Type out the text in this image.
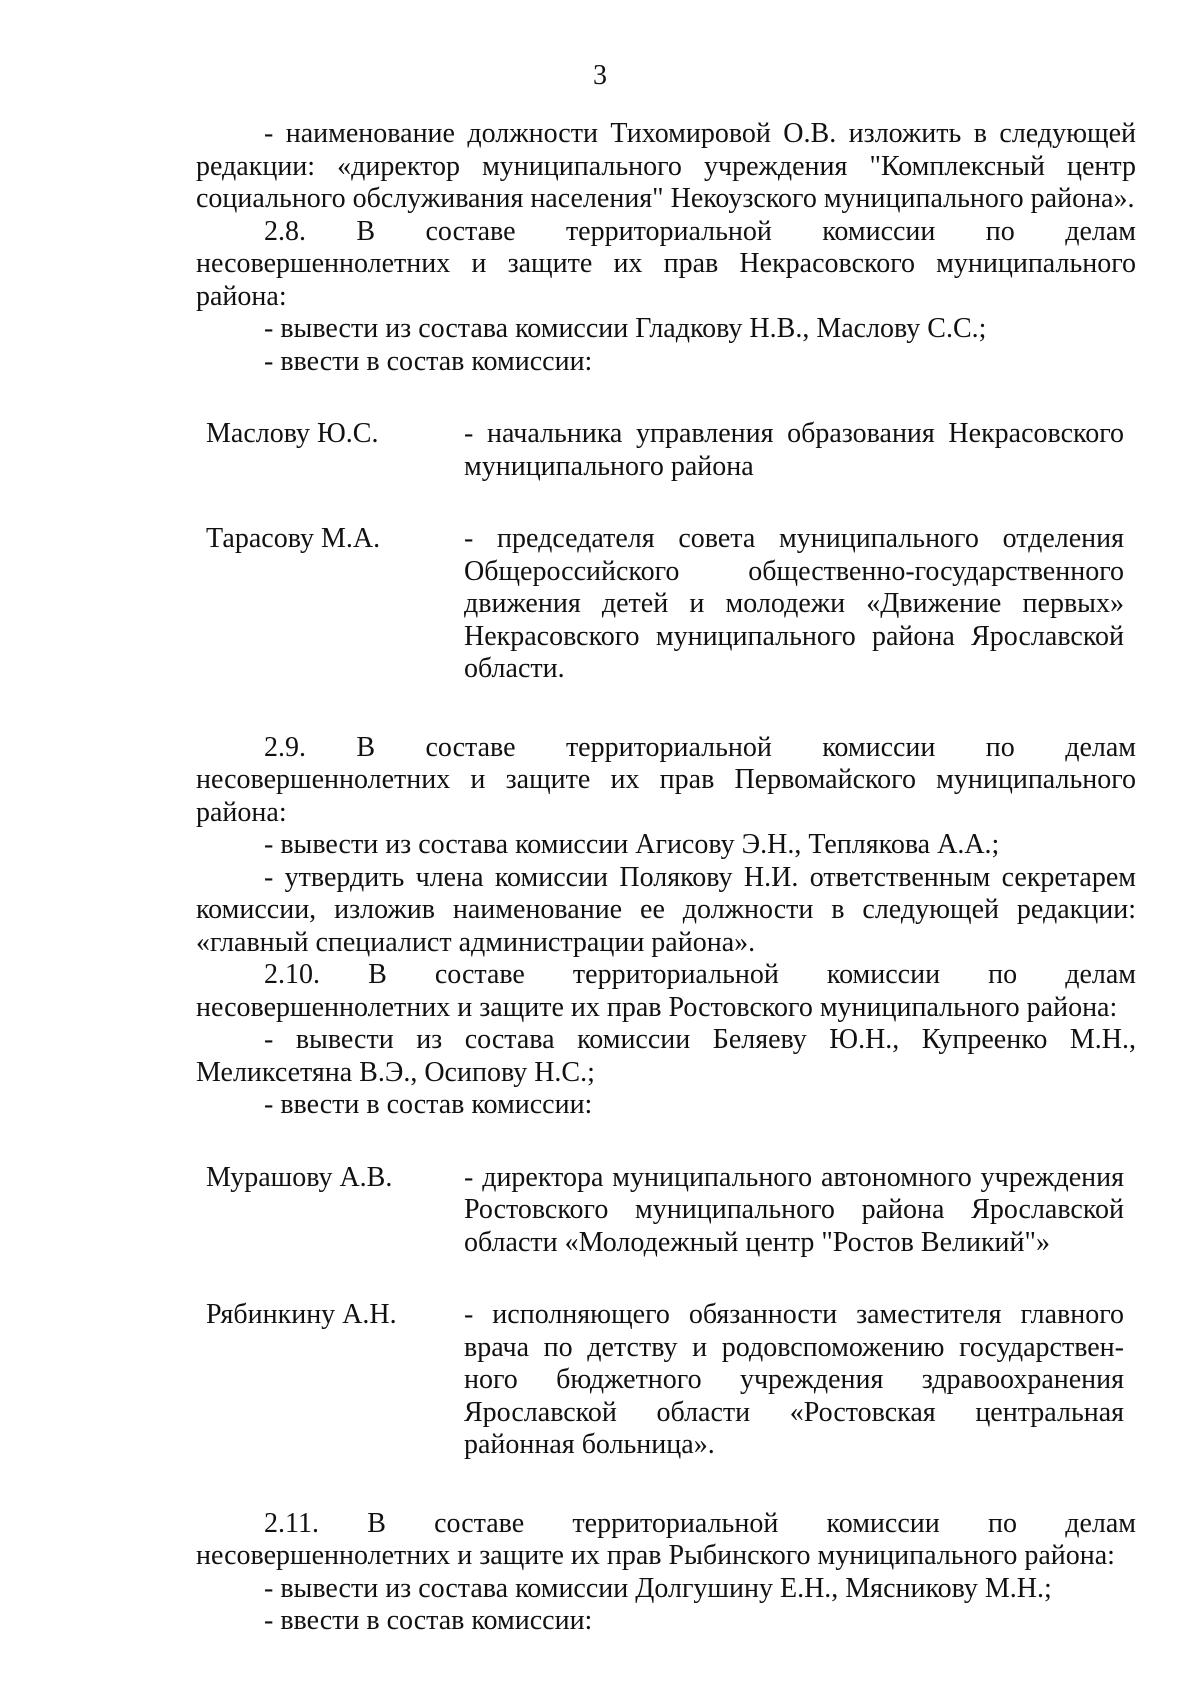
3

- наименование должности Тихомировой О.В. изложить в следующей редакции: «директор муниципального учреждения "Комплексный центр социального обслуживания населения" Некоузского муниципального района».

2.8. В составе территориальной комиссии по делам несовершеннолетних и защите их прав Некрасовского муниципального района:

- вывести из состава комиссии Гладкову Н.В., Маслову С.С.;

- ввести в состав комиссии:

Маслову Ю.С.	- начальника управления образования Некрасовского муниципального района
Тарасову М.А.	- председателя совета муниципального отделения Общероссийского общественно-государственного движения детей и молодежи «Движение первых» Некрасовского муниципального района Ярославской области.

2.9. В составе территориальной комиссии по делам несовершеннолетних и защите их прав Первомайского муниципального района:

- вывести из состава комиссии Агисову Э.Н., Теплякова А.А.;

- утвердить члена комиссии Полякову Н.И. ответственным секретарем комиссии, изложив наименование ее должности в следующей редакции: «главный специалист администрации района».

2.10. В составе территориальной комиссии по делам несовершеннолетних и защите их прав Ростовского муниципального района:

- вывести из состава комиссии Беляеву Ю.Н., Купреенко М.Н., Меликсетяна В.Э., Осипову Н.С.;

- ввести в состав комиссии:

Мурашову А.В.	- директора муниципального автономного учреждения Ростовского муниципального района Ярославской области «Молодежный центр "Ростов Великий"»
Рябинкину А.Н.	- исполняющего обязанности заместителя главного врача по детству и родовспоможению государствен-ного бюджетного учреждения здравоохранения Ярославской области «Ростовская центральная районная больница».

2.11. В составе территориальной комиссии по делам несовершеннолетних и защите их прав Рыбинского муниципального района:

- вывести из состава комиссии Долгушину Е.Н., Мясникову М.Н.;

- ввести в состав комиссии:
